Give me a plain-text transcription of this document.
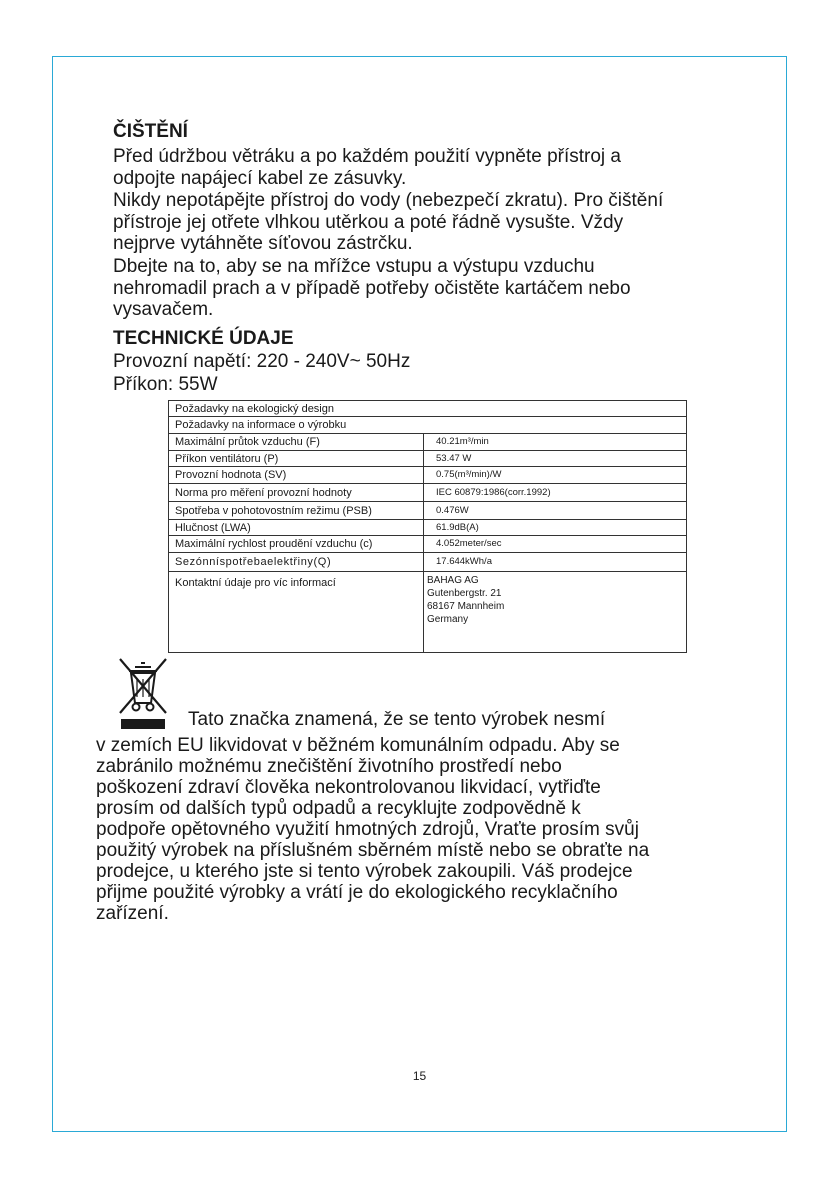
ČIŠTĚNÍ
Před údržbou větráku a po každém použití vypněte přístroj a
odpojte napájecí kabel ze zásuvky.
Nikdy nepotápějte přístroj do vody (nebezpečí zkratu). Pro čištění
přístroje jej otřete vlhkou utěrkou a poté řádně vysušte. Vždy
nejprve vytáhněte síťovou zástrčku.
Dbejte na to, aby se na mřížce vstupu a výstupu vzduchu
nehromadil prach a v případě potřeby očistěte kartáčem nebo
vysavačem.
TECHNICKÉ ÚDAJE
Provozní napětí: 220 - 240V~ 50Hz
Příkon: 55W
Požadavky na ekologický design	
Požadavky na informace o výrobku	
Maximální průtok vzduchu (F)	40.21m³/min
Příkon ventilátoru (P)	53.47 W
Provozní hodnota (SV)	0.75(m³/min)/W
Norma pro měření provozní hodnoty	IEC 60879:1986(corr.1992)
Spotřeba v pohotovostním režimu (PSB)	0.476W
Hlučnost (LWA)	61.9dB(A)
Maximální rychlost proudění vzduchu (c)	4.052meter/sec
Sezónníspotřebaelektřiny(Q)	17.644kWh/a
Kontaktní údaje pro víc informací	BAHAG AG
Gutenbergstr. 21
68167 Mannheim
Germany
Tato značka znamená, že se tento výrobek nesmí
v zemích EU likvidovat v běžném komunálním odpadu. Aby se
zabránilo možnému znečištění životního prostředí nebo
poškození zdraví člověka nekontrolovanou likvidací, vytřiďte
prosím od dalších typů odpadů a recyklujte zodpovědně k
podpoře opětovného využití hmotných zdrojů, Vraťte prosím svůj
použitý výrobek na příslušném sběrném místě nebo se obraťte na
prodejce, u kterého jste si tento výrobek zakoupili. Váš prodejce
přijme použité výrobky a vrátí je do ekologického recyklačního
zařízení.
15
